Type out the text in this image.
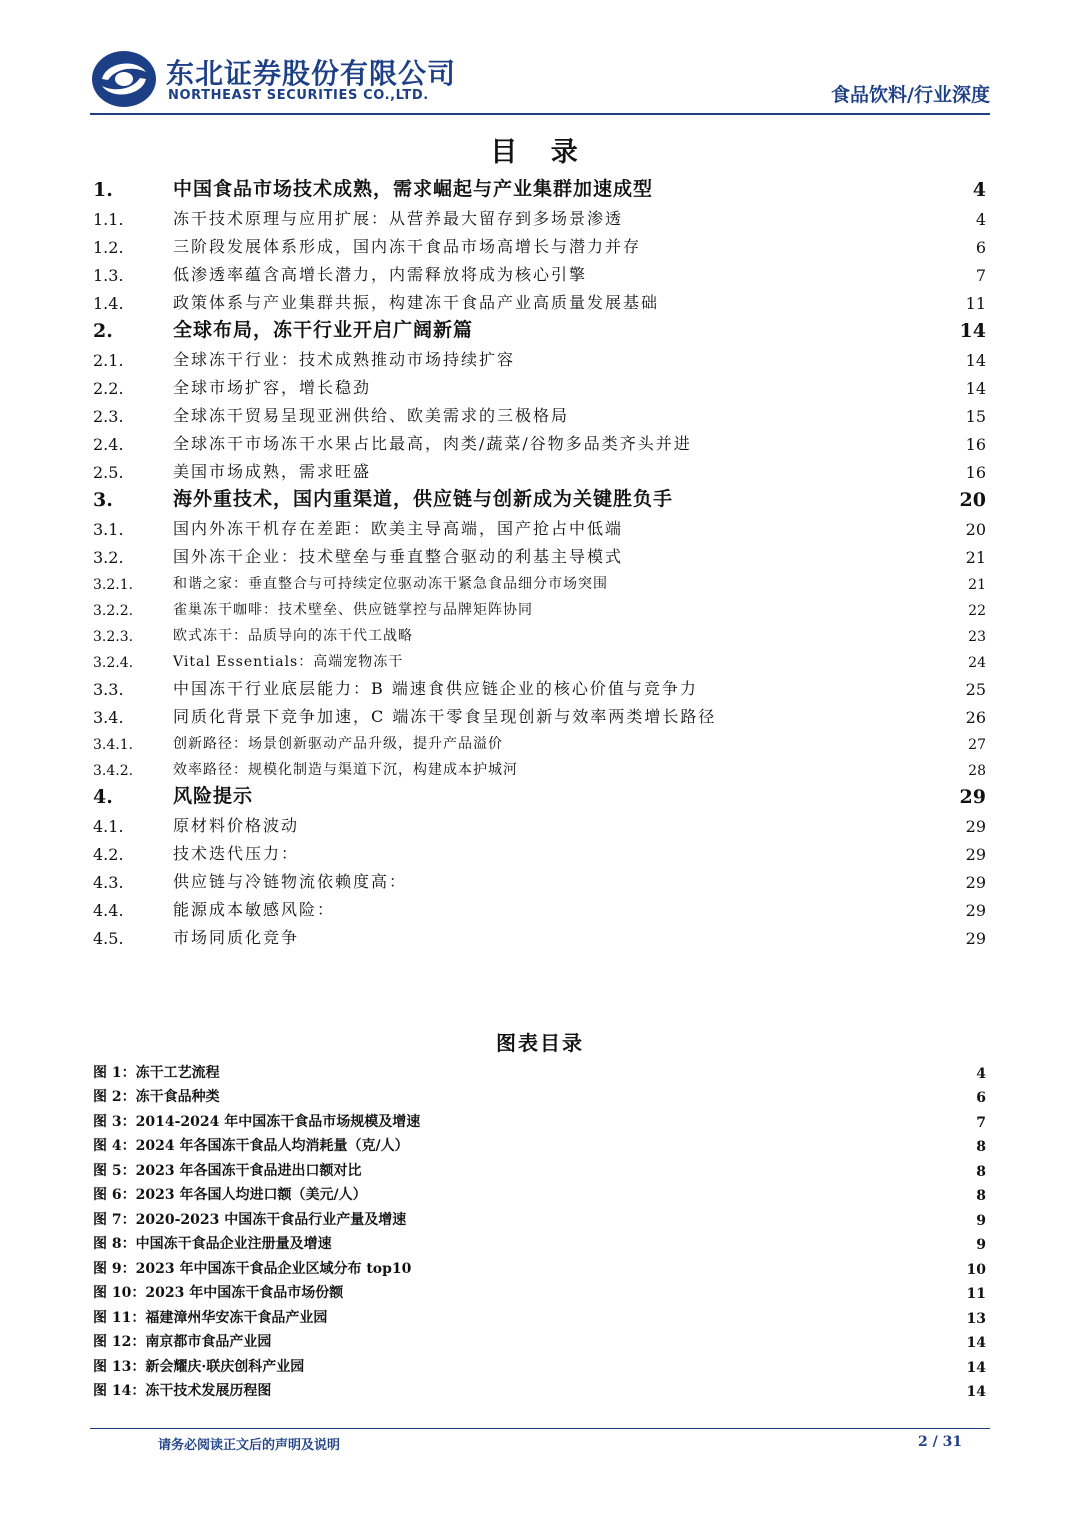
东北证券股份有限公司
NORTHEAST SECURITIES CO.,LTD.	食品饮料/行业深度
目 录
1.	中国食品市场技术成熟，需求崛起与产业集群加速成型	4
1.1.	冻干技术原理与应用扩展：从营养最大留存到多场景渗透	4
1.2.	三阶段发展体系形成，国内冻干食品市场高增长与潜力并存	6
1.3.	低渗透率蕴含高增长潜力，内需释放将成为核心引擎	7
1.4.	政策体系与产业集群共振，构建冻干食品产业高质量发展基础	11
2.	全球布局，冻干行业开启广阔新篇	14
2.1.	全球冻干行业：技术成熟推动市场持续扩容	14
2.2.	全球市场扩容，增长稳劲	14
2.3.	全球冻干贸易呈现亚洲供给、欧美需求的三极格局	15
2.4.	全球冻干市场冻干水果占比最高，肉类/蔬菜/谷物多品类齐头并进	16
2.5.	美国市场成熟，需求旺盛	16
3.	海外重技术，国内重渠道，供应链与创新成为关键胜负手	20
3.1.	国内外冻干机存在差距：欧美主导高端，国产抢占中低端	20
3.2.	国外冻干企业：技术壁垒与垂直整合驱动的利基主导模式	21
3.2.1.	和谐之家：垂直整合与可持续定位驱动冻干紧急食品细分市场突围	21
3.2.2.	雀巢冻干咖啡：技术壁垒、供应链掌控与品牌矩阵协同	22
3.2.3.	欧式冻干：品质导向的冻干代工战略	23
3.2.4.	Vital Essentials：高端宠物冻干	24
3.3.	中国冻干行业底层能力：B 端速食供应链企业的核心价值与竞争力	25
3.4.	同质化背景下竞争加速，C 端冻干零食呈现创新与效率两类增长路径	26
3.4.1.	创新路径：场景创新驱动产品升级，提升产品溢价	27
3.4.2.	效率路径：规模化制造与渠道下沉，构建成本护城河	28
4.	风险提示	29
4.1.	原材料价格波动	29
4.2.	技术迭代压力：	29
4.3.	供应链与冷链物流依赖度高：	29
4.4.	能源成本敏感风险：	29
4.5.	市场同质化竞争	29
图表目录
图 1：冻干工艺流程	4
图 2：冻干食品种类	6
图 3：2014-2024 年中国冻干食品市场规模及增速	7
图 4：2024 年各国冻干食品人均消耗量（克/人）	8
图 5：2023 年各国冻干食品进出口额对比	8
图 6：2023 年各国人均进口额（美元/人）	8
图 7：2020-2023 中国冻干食品行业产量及增速	9
图 8：中国冻干食品企业注册量及增速	9
图 9：2023 年中国冻干食品企业区域分布 top10	10
图 10：2023 年中国冻干食品市场份额	11
图 11：福建漳州华安冻干食品产业园	13
图 12：南京都市食品产业园	14
图 13：新会耀庆·联庆创科产业园	14
图 14：冻干技术发展历程图	14
请务必阅读正文后的声明及说明	2 / 31
